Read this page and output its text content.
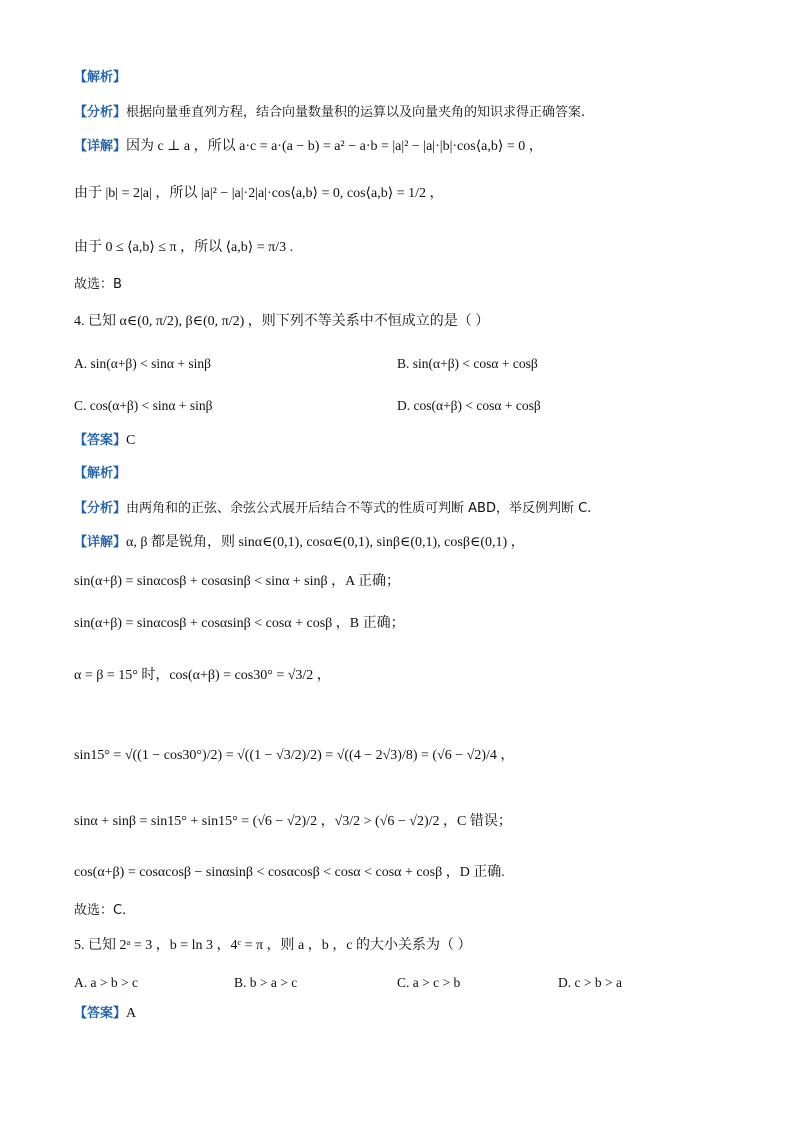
【解析】
【分析】根据向量垂直列方程，结合向量数量积的运算以及向量夹角的知识求得正确答案.
【详解】因为 c ⊥ a ，所以 a·c = a·(a − b) = a² − a·b = |a|² − |a|·|b|·cos⟨a,b⟩ = 0 ，
由于 |b| = 2|a| ，所以 |a|² − |a|·2|a|·cos⟨a,b⟩ = 0, cos⟨a,b⟩ = 1/2 ，
由于 0 ≤ ⟨a,b⟩ ≤ π ，所以 ⟨a,b⟩ = π/3 .
故选：B
4. 已知 α∈(0, π/2), β∈(0, π/2) ，则下列不等关系中不恒成立的是（ ）
A. sin(α+β) < sinα + sinβ	B. sin(α+β) < cosα + cosβ
C. cos(α+β) < sinα + sinβ	D. cos(α+β) < cosα + cosβ
【答案】C
【解析】
【分析】由两角和的正弦、余弦公式展开后结合不等式的性质可判断 ABD，举反例判断 C.
【详解】α, β 都是锐角，则 sinα∈(0,1), cosα∈(0,1), sinβ∈(0,1), cosβ∈(0,1) ，
sin(α+β) = sinαcosβ + cosαsinβ < sinα + sinβ ，A 正确；
sin(α+β) = sinαcosβ + cosαsinβ < cosα + cosβ ，B 正确；
α = β = 15° 时，cos(α+β) = cos30° = √3/2 ，
sin15° = √((1 − cos30°)/2) = √((1 − √3/2)/2) = √((4 − 2√3)/8) = (√6 − √2)/4 ，
sinα + sinβ = sin15° + sin15° = (√6 − √2)/2 ，√3/2 > (√6 − √2)/2 ，C 错误；
cos(α+β) = cosαcosβ − sinαsinβ < cosαcosβ < cosα < cosα + cosβ ，D 正确.
故选：C.
5. 已知 2ᵃ = 3 ，b = ln 3 ，4ᶜ = π ，则 a ，b ，c 的大小关系为（ ）
A. a > b > c	B. b > a > c	C. a > c > b	D. c > b > a
【答案】A
